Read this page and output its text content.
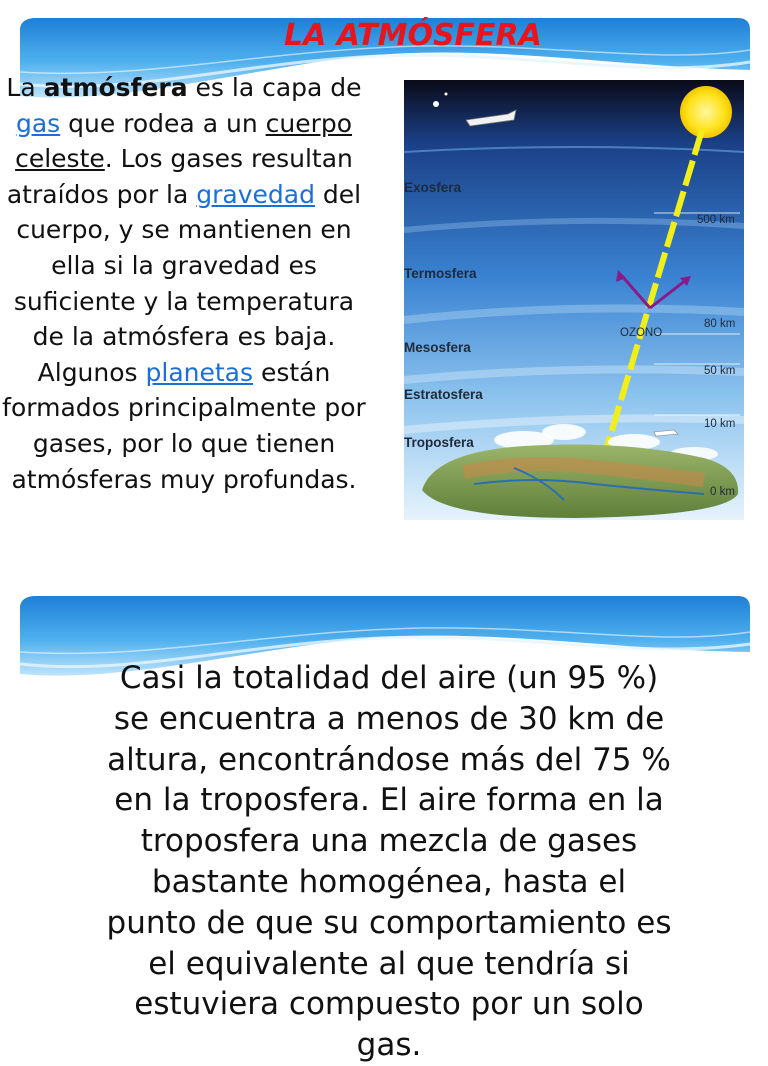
LA ATMÓSFERA
La atmósfera es la capa de gas que rodea a un cuerpo celeste. Los gases resultan atraídos por la gravedad del cuerpo, y se mantienen en ella si la gravedad es suficiente y la temperatura de la atmósfera es baja. Algunos planetas están formados principalmente por gases, por lo que tienen atmósferas muy profundas.
Exosfera
Termosfera
Mesosfera
Estratosfera
Troposfera
500 km
80 km
50 km
10 km
0 km
OZONO
Casi la totalidad del aire (un 95 %) se encuentra a menos de 30 km de altura, encontrándose más del 75 % en la troposfera. El aire forma en la troposfera una mezcla de gases bastante homogénea, hasta el punto de que su comportamiento es el equivalente al que tendría si estuviera compuesto por un solo gas.
